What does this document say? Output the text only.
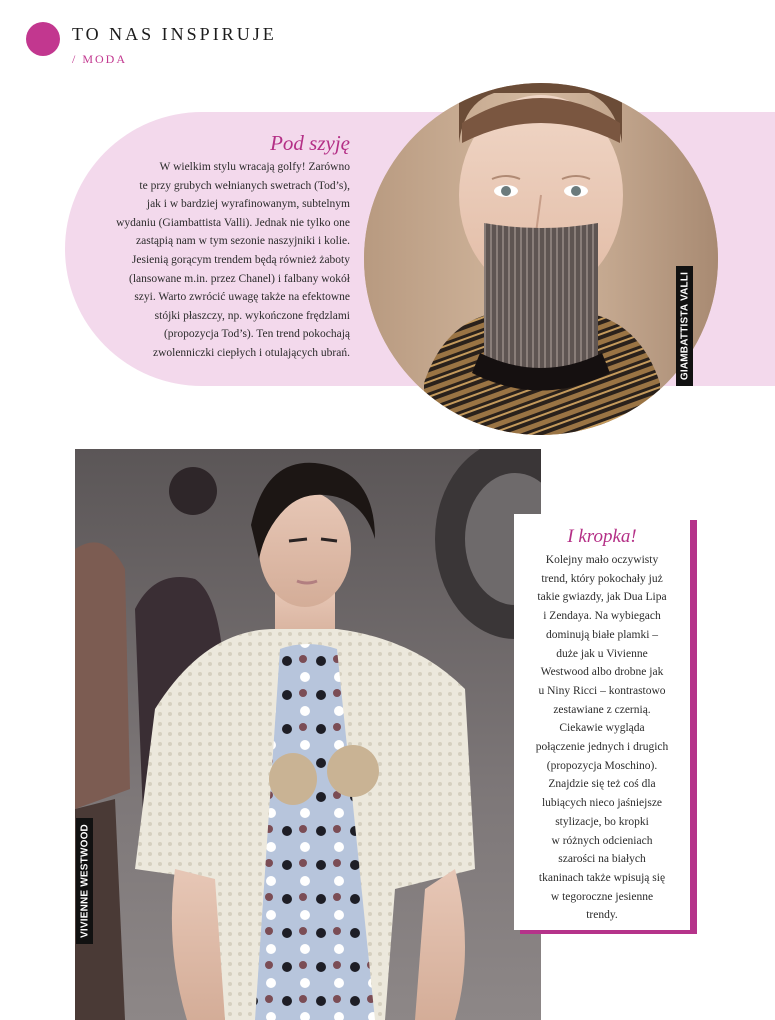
TO NAS INSPIRUJE
/ MODA
Pod szyję
W wielkim stylu wracają golfy! Zarówno
te przy grubych wełnianych swetrach (Tod’s),
jak i w bardziej wyrafinowanym, subtelnym
wydaniu (Giambattista Valli). Jednak nie tylko one
zastąpią nam w tym sezonie naszyjniki i kolie.
Jesienią gorącym trendem będą również żaboty
(lansowane m.in. przez Chanel) i falbany wokół
szyi. Warto zwrócić uwagę także na efektowne
stójki płaszczy, np. wykończone frędzlami
(propozycja Tod’s). Ten trend pokochają
zwolenniczki ciepłych i otulających ubrań.	GIAMBATTISTA VALLI
VIVIENNE WESTWOOD
I kropka!
Kolejny mało oczywisty
trend, który pokochały już
takie gwiazdy, jak Dua Lipa
i Zendaya. Na wybiegach
dominują białe plamki –
duże jak u Vivienne
Westwood albo drobne jak
u Niny Ricci – kontrastowo
zestawiane z czernią.
Ciekawie wygląda
połączenie jednych i drugich
(propozycja Moschino).
Znajdzie się też coś dla
lubiących nieco jaśniejsze
stylizacje, bo kropki
w różnych odcieniach
szarości na białych
tkaninach także wpisują się
w tegoroczne jesienne
trendy.
